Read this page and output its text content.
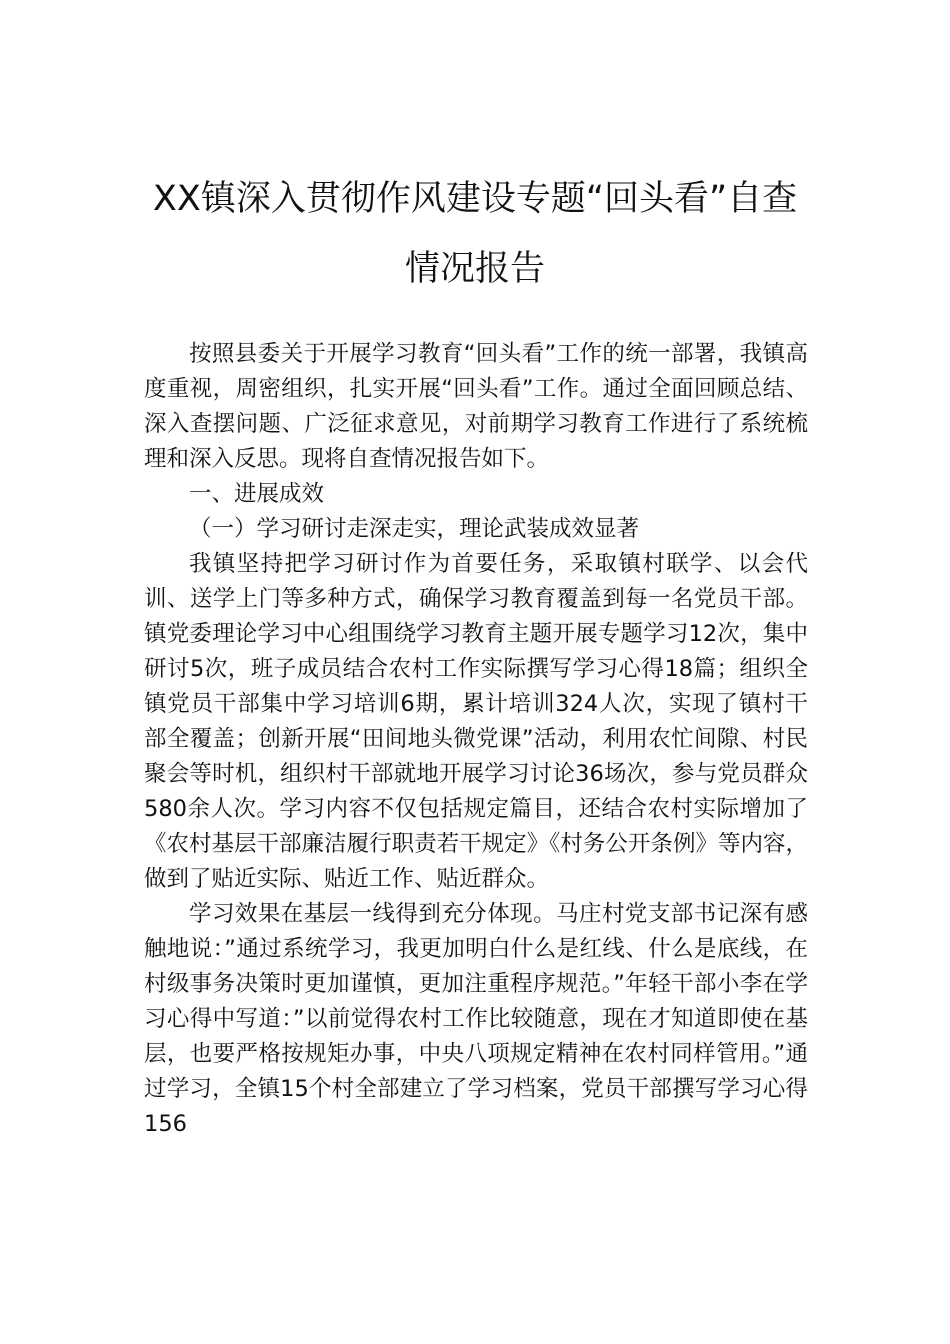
XX镇深入贯彻作风建设专题“回头看”自查
情况报告

按照县委关于开展学习教育“回头看”工作的统一部署，我镇高度重视，周密组织，扎实开展“回头看”工作。通过全面回顾总结、深入查摆问题、广泛征求意见，对前期学习教育工作进行了系统梳理和深入反思。现将自查情况报告如下。

一、进展成效

（一）学习研讨走深走实，理论武装成效显著

我镇坚持把学习研讨作为首要任务，采取镇村联学、以会代训、送学上门等多种方式，确保学习教育覆盖到每一名党员干部。镇党委理论学习中心组围绕学习教育主题开展专题学习12次，集中研讨5次，班子成员结合农村工作实际撰写学习心得18篇；组织全镇党员干部集中学习培训6期，累计培训324人次，实现了镇村干部全覆盖；创新开展“田间地头微党课”活动，利用农忙间隙、村民聚会等时机，组织村干部就地开展学习讨论36场次，参与党员群众580余人次。学习内容不仅包括规定篇目，还结合农村实际增加了《农村基层干部廉洁履行职责若干规定》《村务公开条例》等内容，做到了贴近实际、贴近工作、贴近群众。

学习效果在基层一线得到充分体现。马庄村党支部书记深有感触地说：”通过系统学习，我更加明白什么是红线、什么是底线，在村级事务决策时更加谨慎，更加注重程序规范。”年轻干部小李在学习心得中写道：”以前觉得农村工作比较随意，现在才知道即使在基层，也要严格按规矩办事，中央八项规定精神在农村同样管用。”通过学习，全镇15个村全部建立了学习档案，党员干部撰写学习心得156
